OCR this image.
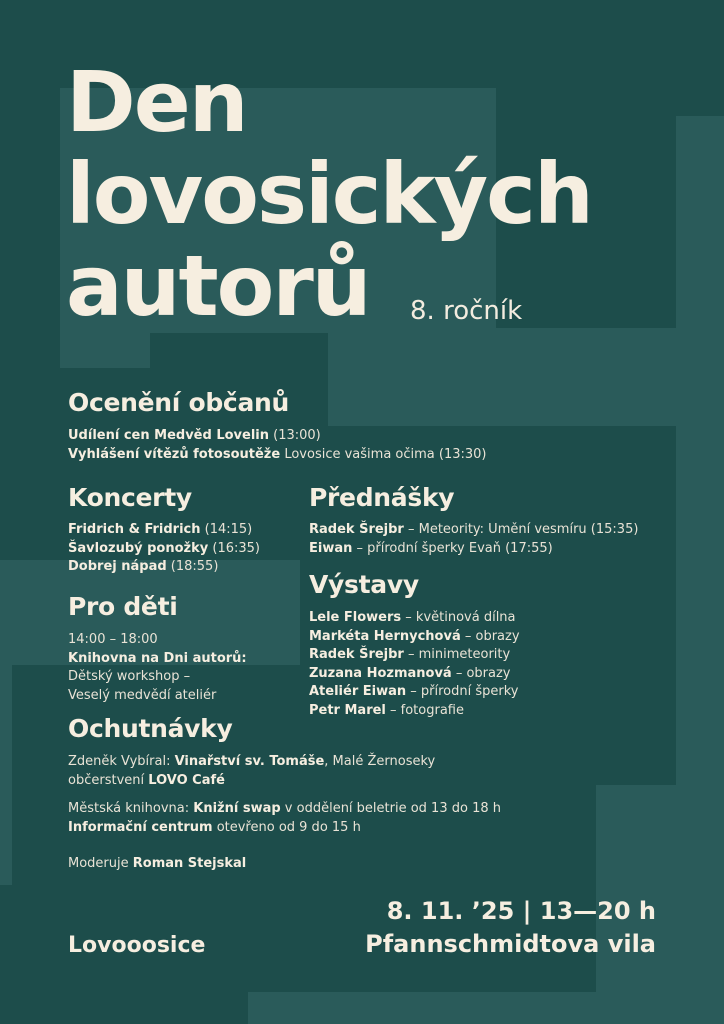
Den
lovosických
autorů	8. ročník
Ocenění občanů
Udílení cen Medvěd Lovelin (13:00)
Vyhlášení vítězů fotosoutěže Lovosice vašima očima (13:30)
Koncerty
Fridrich & Fridrich (14:15)
Šavlozubý ponožky (16:35)
Dobrej nápad (18:55)
Přednášky
Radek Šrejbr – Meteority: Umění vesmíru (15:35)
Eiwan – přírodní šperky Evaň (17:55)
Pro děti
14:00 – 18:00
Knihovna na Dni autorů:
Dětský workshop –
Veselý medvědí ateliér
Výstavy
Lele Flowers – květinová dílna
Markéta Hernychová – obrazy
Radek Šrejbr – minimeteority
Zuzana Hozmanová – obrazy
Ateliér Eiwan – přírodní šperky
Petr Marel – fotografie
Ochutnávky
Zdeněk Vybíral: Vinařství sv. Tomáše, Malé Žernoseky
občerstvení LOVO Café
Městská knihovna: Knižní swap v oddělení beletrie od 13 do 18 h
Informační centrum otevřeno od 9 do 15 h
Moderuje Roman Stejskal
Lovooosice
8. 11. ’25 | 13—20 h
Pfannschmidtova vila
